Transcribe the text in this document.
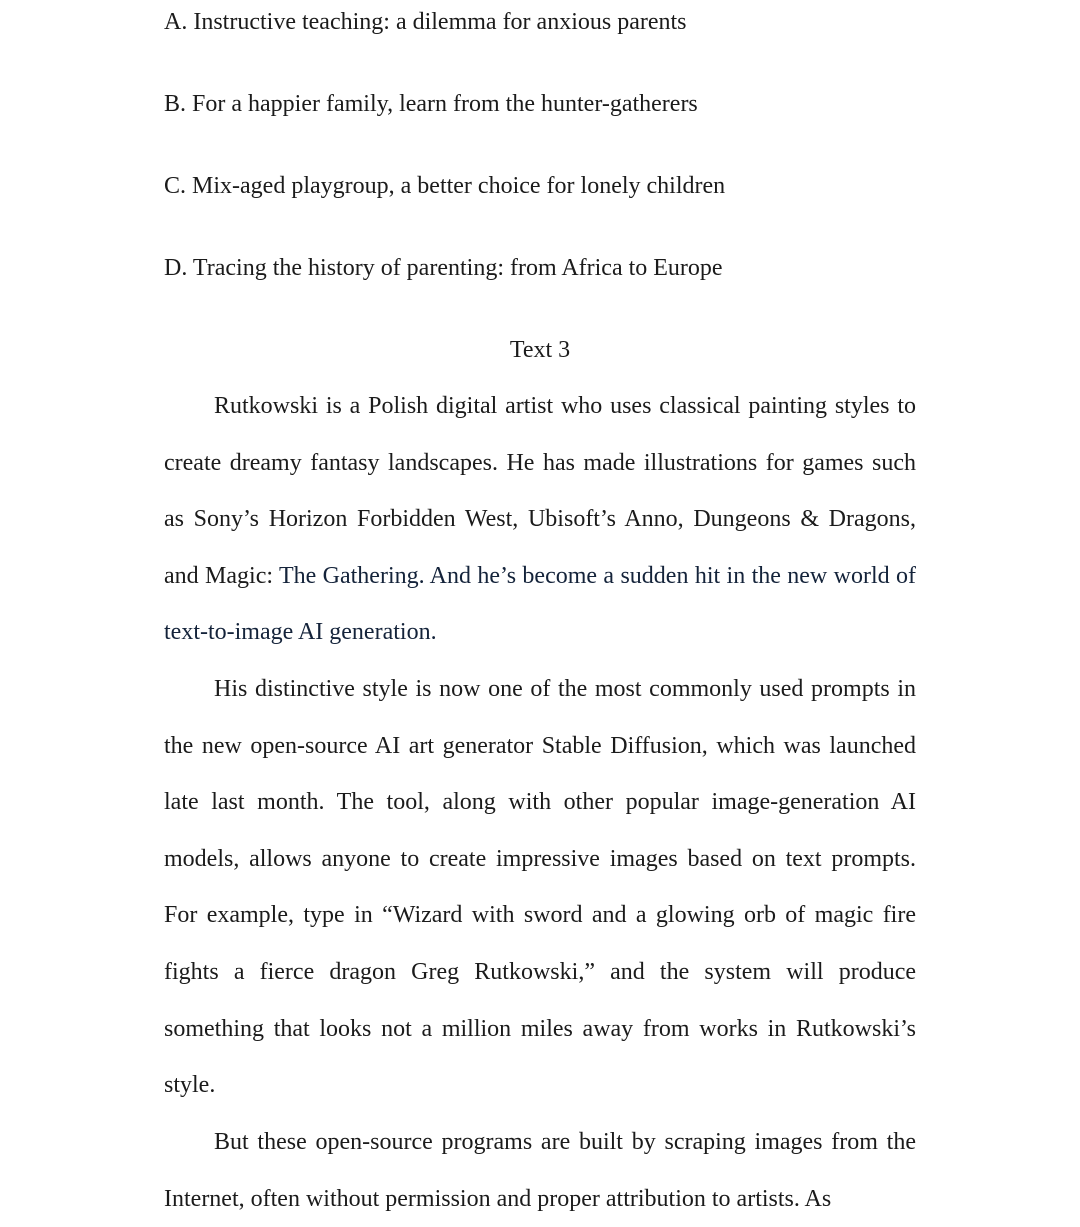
A. Instructive teaching: a dilemma for anxious parents
B. For a happier family, learn from the hunter-gatherers
C. Mix-aged playgroup, a better choice for lonely children
D. Tracing the history of parenting: from Africa to Europe
Text 3

Rutkowski is a Polish digital artist who uses classical painting styles to create dreamy fantasy landscapes. He has made illustrations for games such as Sony’s Horizon Forbidden West, Ubisoft’s Anno, Dungeons & Dragons, and Magic: The Gathering. And he’s become a sudden hit in the new world of text-to-image AI generation.

His distinctive style is now one of the most commonly used prompts in the new open-source AI art generator Stable Diffusion, which was launched late last month. The tool, along with other popular image-generation AI models, allows anyone to create impressive images based on text prompts. For example, type in “Wizard with sword and a glowing orb of magic fire fights a fierce dragon Greg Rutkowski,” and the system will produce something that looks not a million miles away from works in Rutkowski’s style.

But these open-source programs are built by scraping images from the Internet, often without permission and proper attribution to artists. As
